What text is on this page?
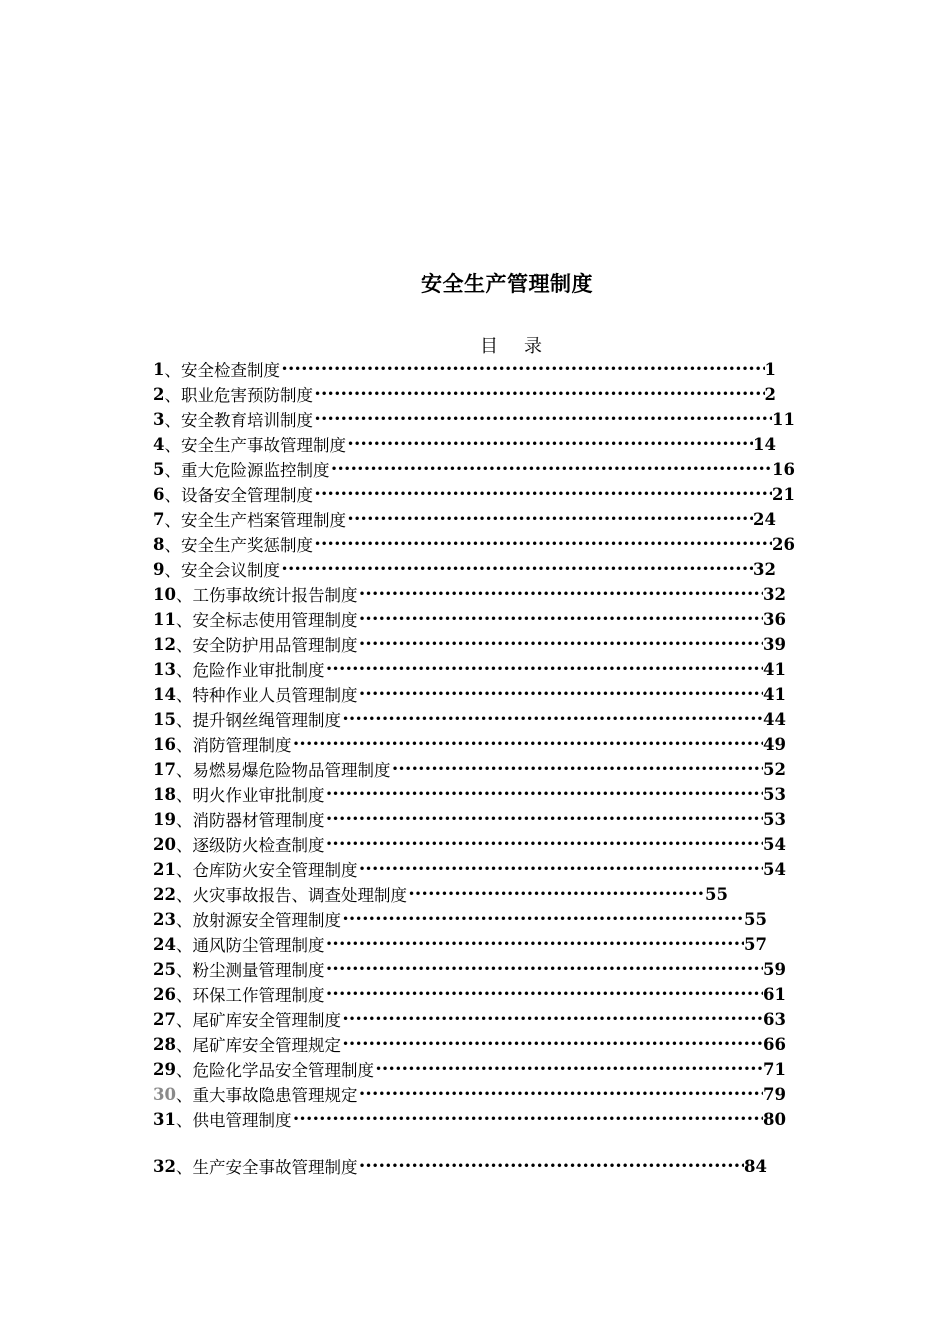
安全生产管理制度
目 录
1 、 安全检查制度 •••••	1
2 、 职业危害预防制度 •••••	2
3 、 安全教育培训制度 •••••	11
4 、 安全生产事故管理制度 •••••	14
5 、 重大危险源监控制度 •••••	16
6 、 设备安全管理制度 •••••	21
7 、 安全生产档案管理制度 •••••	24
8 、 安全生产奖惩制度 •••••	26
9 、 安全会议制度 •••••	32
10 、 工伤事故统计报告制度 •••••	32
11 、 安全标志使用管理制度 •••••	36
12 、 安全防护用品管理制度 •••••	39
13 、 危险作业审批制度 •••••	41
14 、 特种作业人员管理制度 •••••	41
15 、 提升钢丝绳管理制度 •••••	44
16 、 消防管理制度 •••••	49
17 、 易燃易爆危险物品管理制度 •••••	52
18 、 明火作业审批制度 •••••	53
19 、 消防器材管理制度 •••••	53
20 、 逐级防火检查制度 •••••	54
21 、 仓库防火安全管理制度 •••••	54
22 、 火灾事故报告、调查处理制度 •••••	55
23 、 放射源安全管理制度 •••••	55
24 、 通风防尘管理制度 •••••	57
25 、 粉尘测量管理制度 •••••	59
26 、 环保工作管理制度 •••••	61
27 、 尾矿库安全管理制度 •••••	63
28 、 尾矿库安全管理规定 •••••	66
29 、 危险化学品安全管理制度 •••••	71
30 、 重大事故隐患管理规定 •••••	79
31 、 供电管理制度 •••••	80
32 、 生产安全事故管理制度 •••••	84
